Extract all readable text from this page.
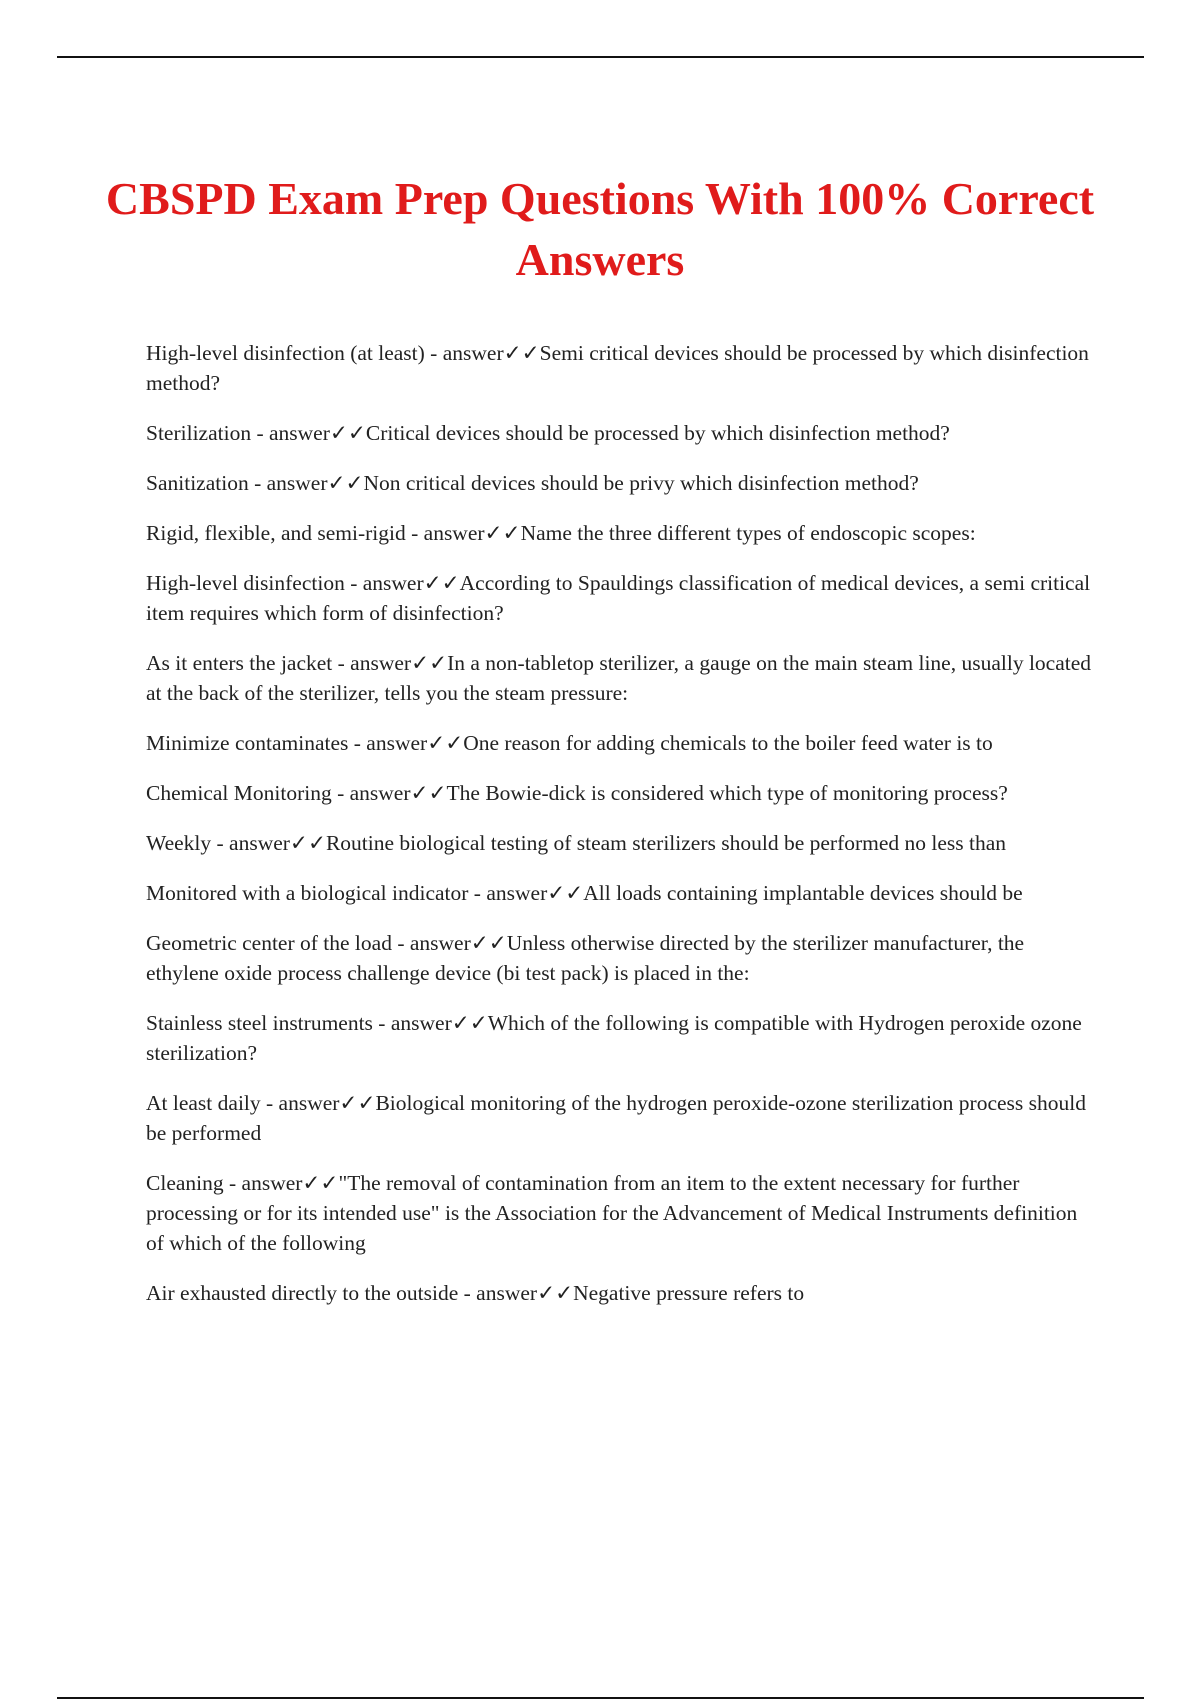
CBSPD Exam Prep Questions With 100% Correct Answers
High-level disinfection (at least) - answer✓✓Semi critical devices should be processed by which disinfection method?
Sterilization - answer✓✓Critical devices should be processed by which disinfection method?
Sanitization - answer✓✓Non critical devices should be privy which disinfection method?
Rigid, flexible, and semi-rigid - answer✓✓Name the three different types of endoscopic scopes:
High-level disinfection - answer✓✓According to Spauldings classification of medical devices, a semi critical item requires which form of disinfection?
As it enters the jacket - answer✓✓In a non-tabletop sterilizer, a gauge on the main steam line, usually located at the back of the sterilizer, tells you the steam pressure:
Minimize contaminates - answer✓✓One reason for adding chemicals to the boiler feed water is to
Chemical Monitoring - answer✓✓The Bowie-dick is considered which type of monitoring process?
Weekly - answer✓✓Routine biological testing of steam sterilizers should be performed no less than
Monitored with a biological indicator - answer✓✓All loads containing implantable devices should be
Geometric center of the load - answer✓✓Unless otherwise directed by the sterilizer manufacturer, the ethylene oxide process challenge device (bi test pack) is placed in the:
Stainless steel instruments - answer✓✓Which of the following is compatible with Hydrogen peroxide ozone sterilization?
At least daily - answer✓✓Biological monitoring of the hydrogen peroxide-ozone sterilization process should be performed
Cleaning - answer✓✓"The removal of contamination from an item to the extent necessary for further processing or for its intended use" is the Association for the Advancement of Medical Instruments definition of which of the following
Air exhausted directly to the outside - answer✓✓Negative pressure refers to
